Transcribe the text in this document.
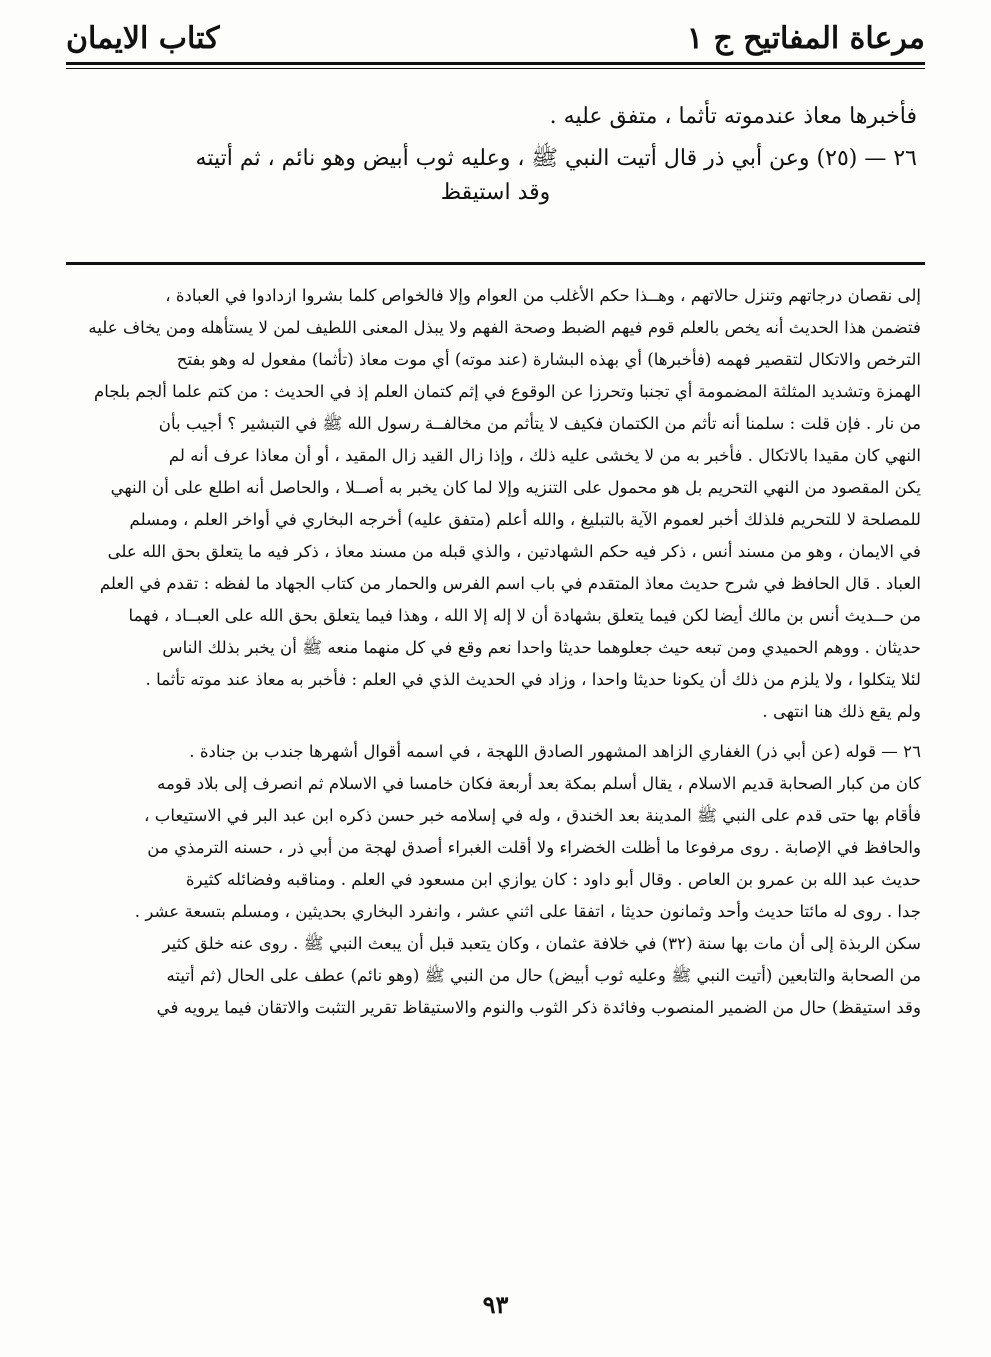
مرعاة المفاتيح ج ١
كتاب الايمان

فأخبرها معاذ عندموته تأثما ، متفق عليه .

٢٦ — (٢٥) وعن أبي ذر قال أتيت النبي ﷺ ، وعليه ثوب أبيض وهو نائم ، ثم أتيته

وقد استيقظ

إلى نقصان درجاتهم وتنزل حالاتهم ، وهــذا حكم الأغلب من العوام وإلا فالخواص كلما بشروا ازدادوا في العبادة ،

فتضمن هذا الحديث أنه يخص بالعلم قوم فيهم الضبط وصحة الفهم ولا يبذل المعنى اللطيف لمن لا يستأهله ومن يخاف عليه

الترخص والاتكال لتقصير فهمه (فأخبرها) أي بهذه البشارة (عند موته) أي موت معاذ (تأثما) مفعول له وهو بفتح

الهمزة وتشديد المثلثة المضمومة أي تجنبا وتحرزا عن الوقوع في إثم كتمان العلم إذ في الحديث : من كتم علما ألجم بلجام

من نار . فإن قلت : سلمنا أنه تأثم من الكتمان فكيف لا يتأثم من مخالفــة رسول الله ﷺ في التبشير ؟ أجيب بأن

النهي كان مقيدا بالاتكال . فأخبر به من لا يخشى عليه ذلك ، وإذا زال القيد زال المقيد ، أو أن معاذا عرف أنه لم

يكن المقصود من النهي التحريم بل هو محمول على التنزيه وإلا لما كان يخبر به أصــلا ، والحاصل أنه اطلع على أن النهي

للمصلحة لا للتحريم فلذلك أخبر لعموم الآية بالتبليغ ، والله أعلم (متفق عليه) أخرجه البخاري في أواخر العلم ، ومسلم

في الايمان ، وهو من مسند أنس ، ذكر فيه حكم الشهادتين ، والذي قبله من مسند معاذ ، ذكر فيه ما يتعلق بحق الله على

العباد . قال الحافظ في شرح حديث معاذ المتقدم في باب اسم الفرس والحمار من كتاب الجهاد ما لفظه : تقدم في العلم

من حــديث أنس بن مالك أيضا لكن فيما يتعلق بشهادة أن لا إله إلا الله ، وهذا فيما يتعلق بحق الله على العبــاد ، فهما

حديثان . ووهم الحميدي ومن تبعه حيث جعلوهما حديثا واحدا نعم وقع في كل منهما منعه ﷺ أن يخبر بذلك الناس

لئلا يتكلوا ، ولا يلزم من ذلك أن يكونا حديثا واحدا ، وزاد في الحديث الذي في العلم : فأخبر به معاذ عند موته تأثما .

ولم يقع ذلك هنا انتهى .

٢٦ — قوله (عن أبي ذر) الغفاري الزاهد المشهور الصادق اللهجة ، في اسمه أقوال أشهرها جندب بن جنادة .

كان من كبار الصحابة قديم الاسلام ، يقال أسلم بمكة بعد أربعة فكان خامسا في الاسلام ثم انصرف إلى بلاد قومه

فأقام بها حتى قدم على النبي ﷺ المدينة بعد الخندق ، وله في إسلامه خبر حسن ذكره ابن عبد البر في الاستيعاب ،

والحافظ في الإصابة . روى مرفوعا ما أظلت الخضراء ولا أقلت الغبراء أصدق لهجة من أبي ذر ، حسنه الترمذي من

حديث عبد الله بن عمرو بن العاص . وقال أبو داود : كان يوازي ابن مسعود في العلم . ومناقبه وفضائله كثيرة

جدا . روى له مائتا حديث وأحد وثمانون حديثا ، اتفقا على اثني عشر ، وانفرد البخاري بحديثين ، ومسلم بتسعة عشر .

سكن الربذة إلى أن مات بها سنة (٣٢) في خلافة عثمان ، وكان يتعبد قبل أن يبعث النبي ﷺ . روى عنه خلق كثير

من الصحابة والتابعين (أتيت النبي ﷺ وعليه ثوب أبيض) حال من النبي ﷺ (وهو نائم) عطف على الحال (ثم أتيته

وقد استيقظ) حال من الضمير المنصوب وفائدة ذكر الثوب والنوم والاستيقاظ تقرير التثبت والاتقان فيما يرويه في

٩٣
